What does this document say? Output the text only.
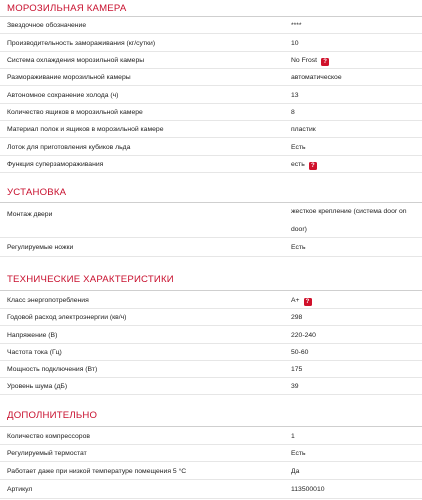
МОРОЗИЛЬНАЯ КАМЕРА
Звездочное обозначение	****
Производительность замораживания (кг/сутки)	10
Система охлаждения морозильной камеры	No Frost ?
Размораживание морозильной камеры	автоматическое
Автономное сохранение холода (ч)	13
Количество ящиков в морозильной камере	8
Материал полок и ящиков в морозильной камере	пластик
Лоток для приготовления кубиков льда	Есть
Функция суперзамораживания	есть ?
УСТАНОВКА
Монтаж двери	жесткое крепление (система door on door)
Регулируемые ножки	Есть
ТЕХНИЧЕСКИЕ ХАРАКТЕРИСТИКИ
Класс энергопотребления	A+ ?
Годовой расход электроэнергии (кв/ч)	298
Напряжение (В)	220-240
Частота тока (Гц)	50-60
Мощность подключения (Вт)	175
Уровень шума (дБ)	39
ДОПОЛНИТЕЛЬНО
Количество компрессоров	1
Регулируемый термостат	Есть
Работает даже при низкой температуре помещения 5 °C	Да
Артикул	113500010
